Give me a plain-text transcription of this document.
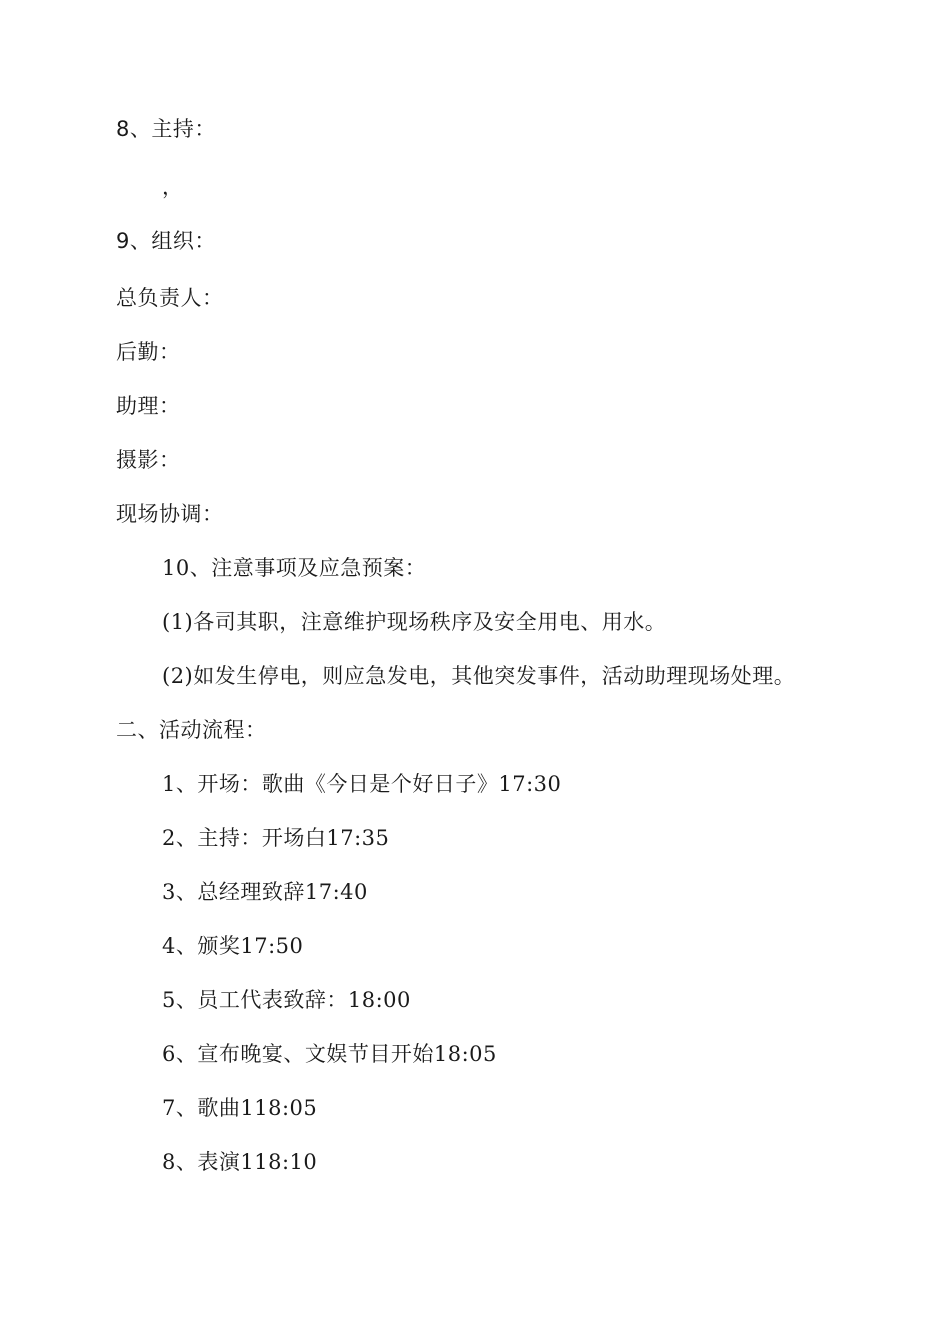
8、主持：
，
9、组织：
总负责人：
后勤：
助理：
摄影：
现场协调：
10、注意事项及应急预案：
(1)各司其职，注意维护现场秩序及安全用电、用水。
(2)如发生停电，则应急发电，其他突发事件，活动助理现场处理。
二、活动流程：
1、开场：歌曲《今日是个好日子》17:30
2、主持：开场白17:35
3、总经理致辞17:40
4、颁奖17:50
5、员工代表致辞：18:00
6、宣布晚宴、文娱节目开始18:05
7、歌曲118:05
8、表演118:10
